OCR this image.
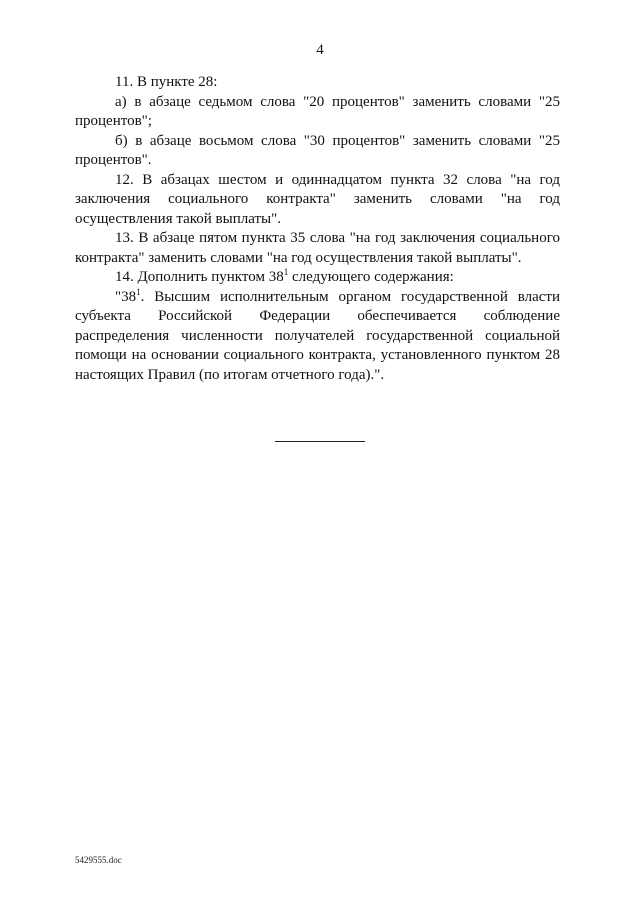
4

11. В пункте 28:

а) в абзаце седьмом слова "20 процентов" заменить словами "25 процентов";

б) в абзаце восьмом слова "30 процентов" заменить словами "25 процентов".

12. В абзацах шестом и одиннадцатом пункта 32 слова "на год заключения социального контракта" заменить словами "на год осуществления такой выплаты".

13. В абзаце пятом пункта 35 слова "на год заключения социального контракта" заменить словами "на год осуществления такой выплаты".

14. Дополнить пунктом $38^1$ следующего содержания:

"$38^1$. Высшим исполнительным органом государственной власти субъекта Российской Федерации обеспечивается соблюдение распределения численности получателей государственной социальной помощи на основании социального контракта, установленного пунктом 28 настоящих Правил (по итогам отчетного года).".

5429555.doc
